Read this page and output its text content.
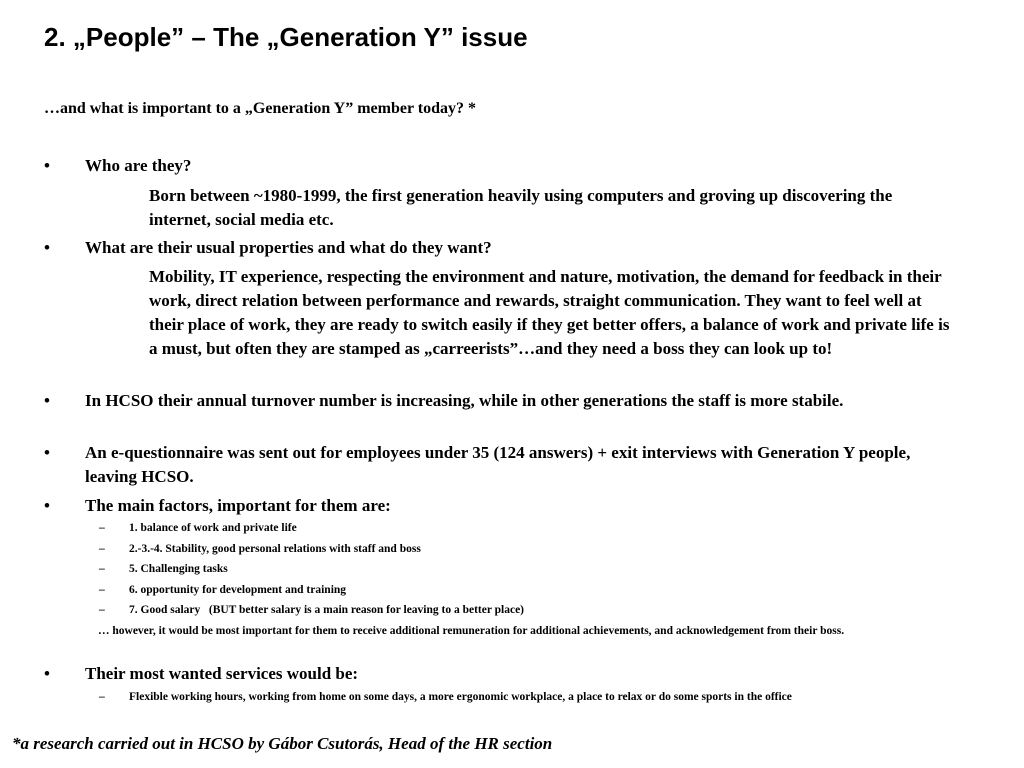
2. „People” – The „Generation Y” issue
…and what is important to a „Generation Y” member today? *
• Who are they?
Born between ~1980-1999, the first generation heavily using computers and groving up discovering the internet, social media etc.
• What are their usual properties and what do they want?
Mobility, IT experience, respecting the environment and nature, motivation, the demand for feedback in their work, direct relation between performance and rewards, straight communication. They want to feel well at their place of work, they are ready to switch easily if they get better offers, a balance of work and private life is a must, but often they are stamped as „carreerists”…and they need a boss they can look up to!
• In HCSO their annual turnover number is increasing, while in other generations the staff is more stabile.
• An e-questionnaire was sent out for employees under 35 (124 answers) + exit interviews with Generation Y people, leaving HCSO.
• The main factors, important for them are:
– 1. balance of work and private life
– 2.-3.-4. Stability, good personal relations with staff and boss
– 5. Challenging tasks
– 6. opportunity for development and training
– 7. Good salary   (BUT better salary is a main reason for leaving to a better place)
… however, it would be most important for them to receive additional remuneration for additional achievements, and acknowledgement from their boss.
• Their most wanted services would be:
– Flexible working hours, working from home on some days, a more ergonomic workplace, a place to relax or do some sports in the office
*a research carried out in HCSO by Gábor Csutorás, Head of the HR section
